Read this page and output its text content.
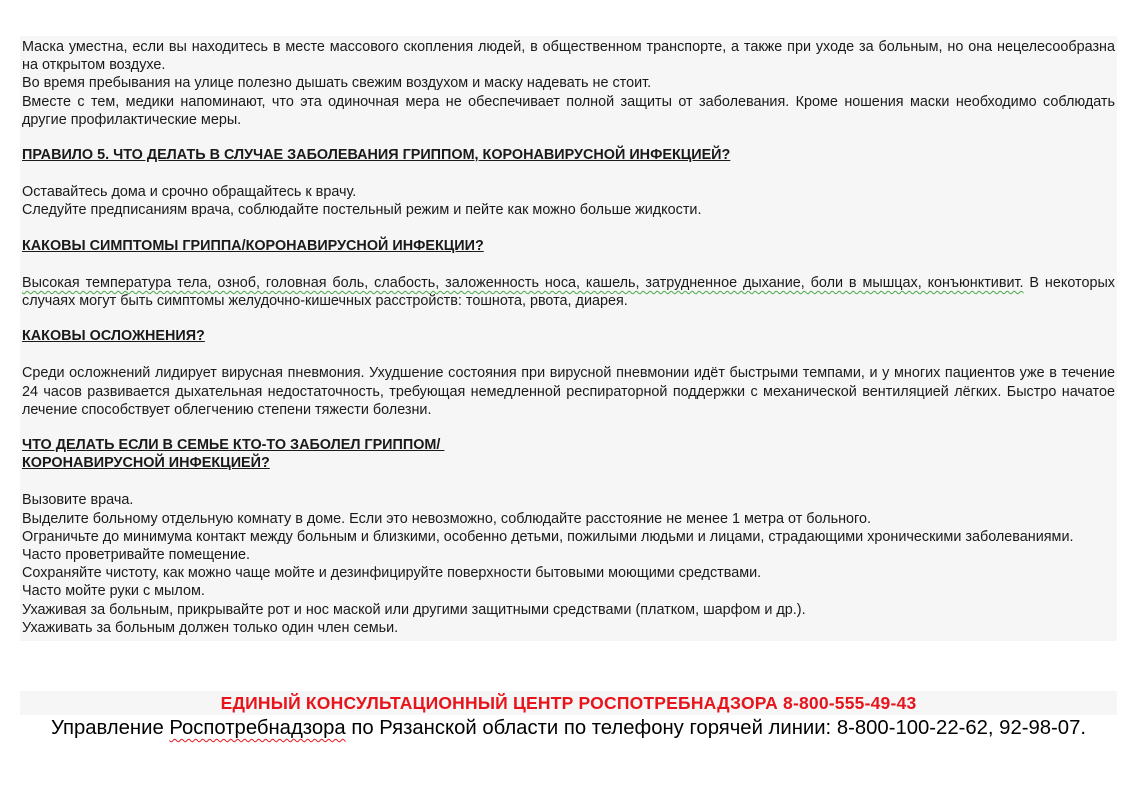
Маска уместна, если вы находитесь в месте массового скопления людей, в общественном транспорте, а также при уходе за больным, но она нецелесообразна на открытом воздухе.

Во время пребывания на улице полезно дышать свежим воздухом и маску надевать не стоит.

Вместе с тем, медики напоминают, что эта одиночная мера не обеспечивает полной защиты от заболевания. Кроме ношения маски необходимо соблюдать другие профилактические меры.

ПРАВИЛО 5. ЧТО ДЕЛАТЬ В СЛУЧАЕ ЗАБОЛЕВАНИЯ ГРИППОМ, КОРОНАВИРУСНОЙ ИНФЕКЦИЕЙ?

Оставайтесь дома и срочно обращайтесь к врачу.

Следуйте предписаниям врача, соблюдайте постельный режим и пейте как можно больше жидкости.

КАКОВЫ СИМПТОМЫ ГРИППА/КОРОНАВИРУСНОЙ ИНФЕКЦИИ?

Высокая температура тела, озноб, головная боль, слабость, заложенность носа, кашель, затрудненное дыхание, боли в мышцах, конъюнктивит. В некоторых случаях могут быть симптомы желудочно-кишечных расстройств: тошнота, рвота, диарея.

КАКОВЫ ОСЛОЖНЕНИЯ?

Среди осложнений лидирует вирусная пневмония. Ухудшение состояния при вирусной пневмонии идёт быстрыми темпами, и у многих пациентов уже в течение 24 часов развивается дыхательная недостаточность, требующая немедленной респираторной поддержки с механической вентиляцией лёгких. Быстро начатое лечение способствует облегчению степени тяжести болезни.

ЧТО ДЕЛАТЬ ЕСЛИ В СЕМЬЕ КТО-ТО ЗАБОЛЕЛ ГРИППОМ/

КОРОНАВИРУСНОЙ ИНФЕКЦИЕЙ?

Вызовите врача.

Выделите больному отдельную комнату в доме. Если это невозможно, соблюдайте расстояние не менее 1 метра от больного.

Ограничьте до минимума контакт между больным и близкими, особенно детьми, пожилыми людьми и лицами, страдающими хроническими заболеваниями.

Часто проветривайте помещение.

Сохраняйте чистоту, как можно чаще мойте и дезинфицируйте поверхности бытовыми моющими средствами.

Часто мойте руки с мылом.

Ухаживая за больным, прикрывайте рот и нос маской или другими защитными средствами (платком, шарфом и др.).

Ухаживать за больным должен только один член семьи.

ЕДИНЫЙ КОНСУЛЬТАЦИОННЫЙ ЦЕНТР РОСПОТРЕБНАДЗОРА 8-800-555-49-43
Управление Роспотребнадзора по Рязанской области по телефону горячей линии: 8-800-100-22-62, 92-98-07.
